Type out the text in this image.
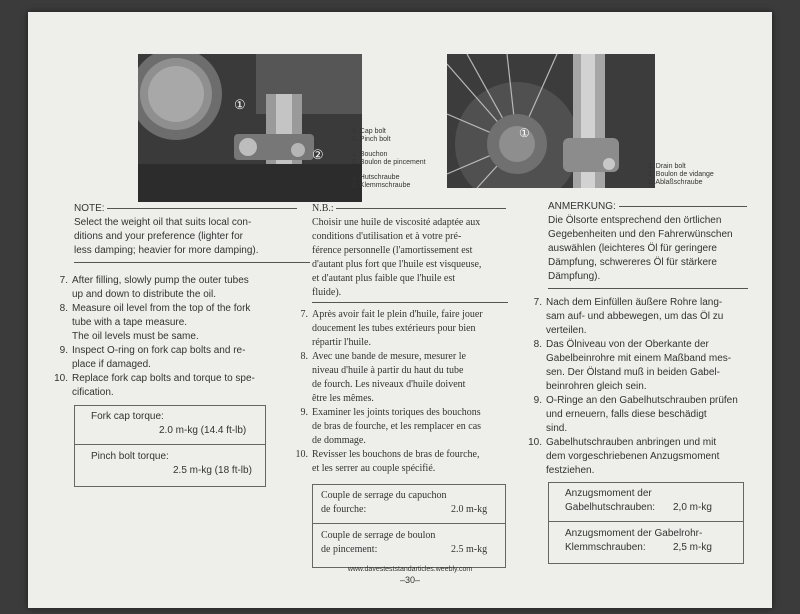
①
②
1. Cap bolt
2. Pinch bolt
1. Bouchon
2. Boulon de pincement
1. Hutschraube
2. Klemmschraube
①
1. Drain bolt
1. Boulon de vidange
1. Ablaßschraube
NOTE:
Select the weight oil that suits local con-
ditions and your preference (lighter for
less damping; heavier for more damping).
7. After filling, slowly pump the outer tubes
up and down to distribute the oil.
8. Measure oil level from the top of the fork
tube with a tape measure.
The oil levels must be same.
9. Inspect O-ring on fork cap bolts and re-
place if damaged.
10. Replace fork cap bolts and torque to spe-
cification.
Fork cap torque:
2.0 m-kg (14.4 ft-lb)
Pinch bolt torque:
2.5 m-kg (18 ft-lb)
N.B.:
Choisir une huile de viscosité adaptée aux
conditions d'utilisation et à votre pré-
férence personnelle (l'amortissement est
d'autant plus fort que l'huile est visqueuse,
et d'autant plus faible que l'huile est
fluide).
7. Après avoir fait le plein d'huile, faire jouer
doucement les tubes extérieurs pour bien
répartir l'huile.
8. Avec une bande de mesure, mesurer le
niveau d'huile à partir du haut du tube
de fourch. Les niveaux d'huile doivent
être les mêmes.
9. Examiner les joints toriques des bouchons
de bras de fourche, et les remplacer en cas
de dommage.
10. Revisser les bouchons de bras de fourche,
et les serrer au couple spécifié.
Couple de serrage du capuchon
de fourche:	2.0 m-kg
Couple de serrage de boulon
de pincement:	2.5 m-kg
ANMERKUNG:
Die Ölsorte entsprechend den örtlichen
Gegebenheiten und den Fahrerwünschen
auswählen (leichteres Öl für geringere
Dämpfung, schwereres Öl für stärkere
Dämpfung).
7. Nach dem Einfüllen äußere Rohre lang-
sam auf- und abbewegen, um das Öl zu
verteilen.
8. Das Ölniveau von der Oberkante der
Gabelbeinrohre mit einem Maßband mes-
sen. Der Ölstand muß in beiden Gabel-
beinrohren gleich sein.
9. O-Ringe an den Gabelhutschrauben prüfen
und erneuern, falls diese beschädigt
sind.
10. Gabelhutschrauben anbringen und mit
dem vorgeschriebenen Anzugsmoment
festziehen.
Anzugsmoment der
Gabelhutschrauben: 2,0 m-kg
Anzugsmoment der Gabelrohr-
Klemmschrauben:	2,5 m-kg
www.davesteststandarticles.weebly.com
–30–
